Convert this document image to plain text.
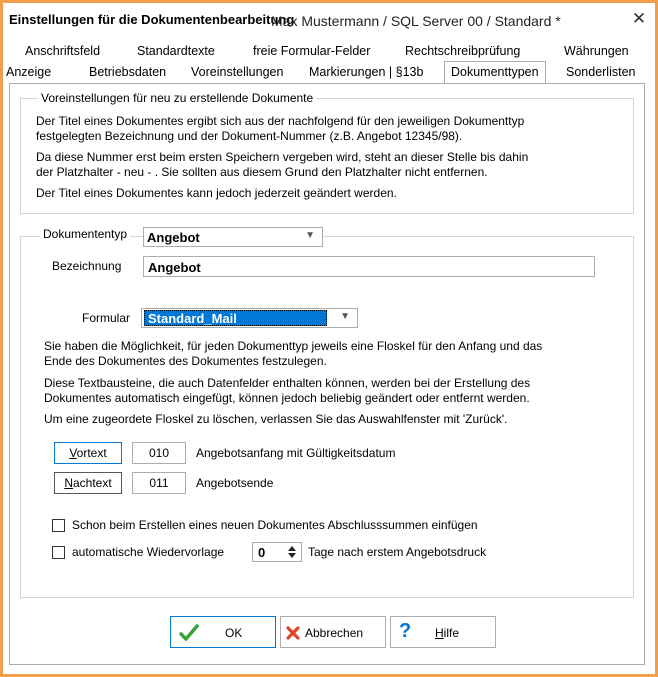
Einstellungen für die Dokumentenbearbeitung
Max Mustermann / SQL Server 00 / Standard *	✕
Anschriftsfeld	Standardtexte	freie Formular-Felder	Rechtschreibprüfung	Währungen
Anzeige	Betriebsdaten Voreinstellungen Markierungen | §13b	Dokumenttypen	Sonderlisten
Voreinstellungen für neu zu erstellende Dokumente
Der Titel eines Dokumentes ergibt sich aus der nachfolgend für den jeweiligen Dokumenttyp
festgelegten Bezeichnung und der Dokument-Nummer (z.B. Angebot 12345/98).
Da diese Nummer erst beim ersten Speichern vergeben wird, steht an dieser Stelle bis dahin
der Platzhalter - neu - . Sie sollten aus diesem Grund den Platzhalter nicht entfernen.
Der Titel eines Dokumentes kann jedoch jederzeit geändert werden.
Dokumententyp Angebot	▼
Bezeichnung Angebot
Formular	Standard_Mail	▼
Sie haben die Möglichkeit, für jeden Dokumenttyp jeweils eine Floskel für den Anfang und das
Ende des Dokumentes des Dokumentes festzulegen.
Diese Textbausteine, die auch Datenfelder enthalten können, werden bei der Erstellung des
Dokumentes automatisch eingefügt, können jedoch beliebig geändert oder entfernt werden.
Um eine zugeordete Floskel zu löschen, verlassen Sie das Auswahlfenster mit 'Zurück'.
Vortext	010	Angebotsanfang mit Gültigkeitsdatum
Nachtext	011	Angebotsende
Schon beim Erstellen eines neuen Dokumentes Abschlusssummen einfügen
automatische Wiedervorlage	0	Tage nach erstem Angebotsdruck
OK	Abbrechen ? Hilfe
